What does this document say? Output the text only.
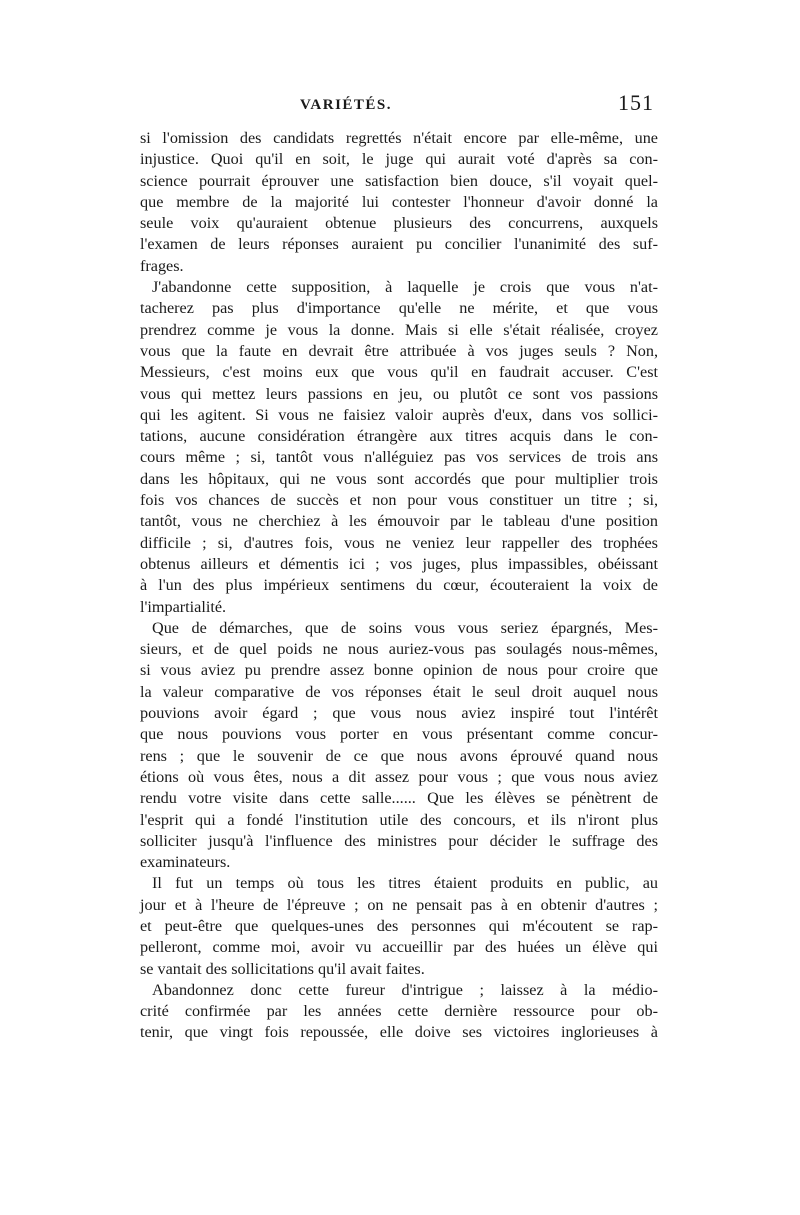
VARIÉTÉS.	151
si l'omission des candidats regrettés n'était encore par elle-même, une
injustice. Quoi qu'il en soit, le juge qui aurait voté d'après sa con-
science pourrait éprouver une satisfaction bien douce, s'il voyait quel-
que membre de la majorité lui contester l'honneur d'avoir donné la
seule voix qu'auraient obtenue plusieurs des concurrens, auxquels
l'examen de leurs réponses auraient pu concilier l'unanimité des suf-
frages.
J'abandonne cette supposition, à laquelle je crois que vous n'at-
tacherez pas plus d'importance qu'elle ne mérite, et que vous
prendrez comme je vous la donne. Mais si elle s'était réalisée, croyez
vous que la faute en devrait être attribuée à vos juges seuls ? Non,
Messieurs, c'est moins eux que vous qu'il en faudrait accuser. C'est
vous qui mettez leurs passions en jeu, ou plutôt ce sont vos passions
qui les agitent. Si vous ne faisiez valoir auprès d'eux, dans vos sollici-
tations, aucune considération étrangère aux titres acquis dans le con-
cours même ; si, tantôt vous n'alléguiez pas vos services de trois ans
dans les hôpitaux, qui ne vous sont accordés que pour multiplier trois
fois vos chances de succès et non pour vous constituer un titre ; si,
tantôt, vous ne cherchiez à les émouvoir par le tableau d'une position
difficile ; si, d'autres fois, vous ne veniez leur rappeller des trophées
obtenus ailleurs et démentis ici ; vos juges, plus impassibles, obéissant
à l'un des plus impérieux sentimens du cœur, écouteraient la voix de
l'impartialité.
Que de démarches, que de soins vous vous seriez épargnés, Mes-
sieurs, et de quel poids ne nous auriez-vous pas soulagés nous-mêmes,
si vous aviez pu prendre assez bonne opinion de nous pour croire que
la valeur comparative de vos réponses était le seul droit auquel nous
pouvions avoir égard ; que vous nous aviez inspiré tout l'intérêt
que nous pouvions vous porter en vous présentant comme concur-
rens ; que le souvenir de ce que nous avons éprouvé quand nous
étions où vous êtes, nous a dit assez pour vous ; que vous nous aviez
rendu votre visite dans cette salle...... Que les élèves se pénètrent de
l'esprit qui a fondé l'institution utile des concours, et ils n'iront plus
solliciter jusqu'à l'influence des ministres pour décider le suffrage des
examinateurs.
Il fut un temps où tous les titres étaient produits en public, au
jour et à l'heure de l'épreuve ; on ne pensait pas à en obtenir d'autres ;
et peut-être que quelques-unes des personnes qui m'écoutent se rap-
pelleront, comme moi, avoir vu accueillir par des huées un élève qui
se vantait des sollicitations qu'il avait faites.
Abandonnez donc cette fureur d'intrigue ; laissez à la médio-
crité confirmée par les années cette dernière ressource pour ob-
tenir, que vingt fois repoussée, elle doive ses victoires inglorieuses à
